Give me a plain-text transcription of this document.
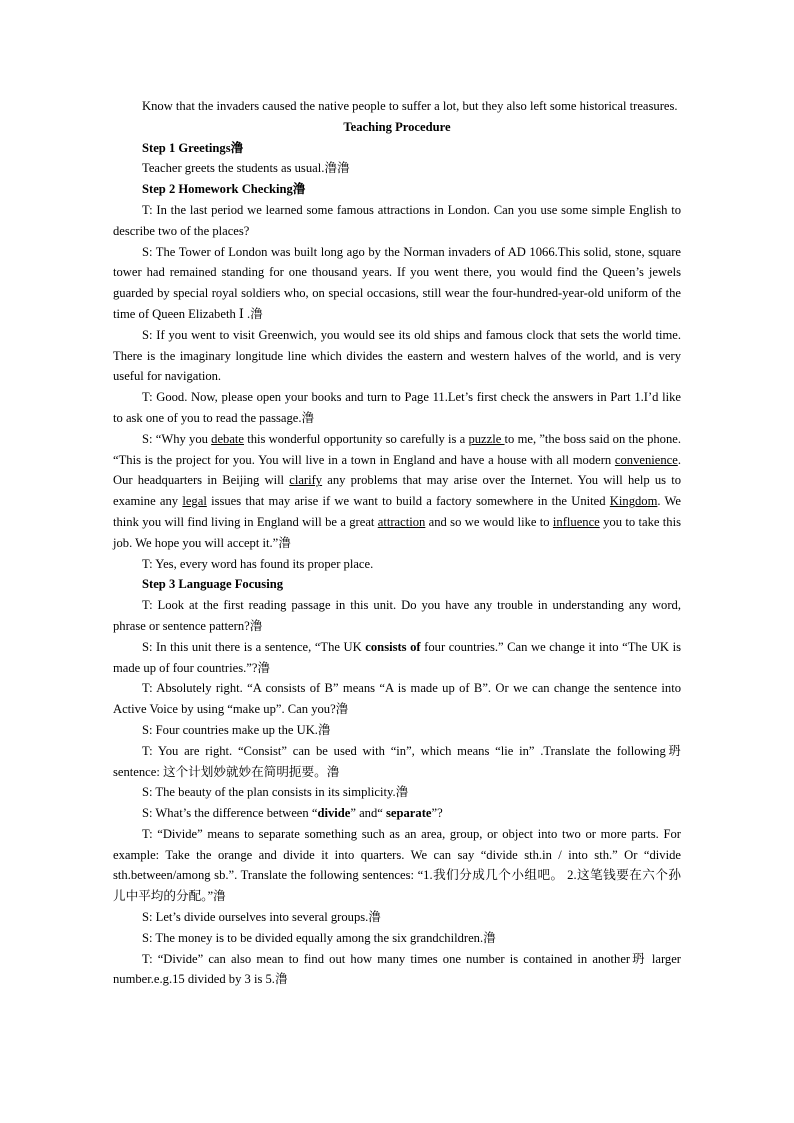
Know that the invaders caused the native people to suffer a lot, but they also left some historical treasures.

Teaching Procedure

Step 1 Greetings澛

Teacher greets the students as usual.澛澛

Step 2 Homework Checking澛

T: In the last period we learned some famous attractions in London. Can you use some simple English to describe two of the places?

S: The Tower of London was built long ago by the Norman invaders of AD 1066.This solid, stone, square tower had remained standing for one thousand years. If you went there, you would find the Queen’s jewels guarded by special royal soldiers who, on special occasions, still wear the four-hundred-year-old uniform of the time of Queen Elizabeth Ⅰ .澛

S: If you went to visit Greenwich, you would see its old ships and famous clock that sets the world time. There is the imaginary longitude line which divides the eastern and western halves of the world, and is very useful for navigation.

T: Good. Now, please open your books and turn to Page 11.Let’s first check the answers in Part 1.I’d like to ask one of you to read the passage.澛

S: “Why you debate this wonderful opportunity so carefully is a puzzle to me, ”the boss said on the phone. “This is the project for you. You will live in a town in England and have a house with all modern convenience. Our headquarters in Beijing will clarify any problems that may arise over the Internet. You will help us to examine any legal issues that may arise if we want to build a factory somewhere in the United Kingdom. We think you will find living in England will be a great attraction and so we would like to influence you to take this job. We hope you will accept it.”澛

T: Yes, every word has found its proper place.

Step 3 Language Focusing

T: Look at the first reading passage in this unit. Do you have any trouble in understanding any word, phrase or sentence pattern?澛

S: In this unit there is a sentence, “The UK consists of four countries.” Can we change it into “The UK is made up of four countries.”?澛

T: Absolutely right. “A consists of B” means “A is made up of B”. Or we can change the sentence into Active Voice by using “make up”. Can you?澛

S: Four countries make up the UK.澛

T: You are right. “Consist” can be used with “in”, which means “lie in” .Translate the following玬 sentence: 这个计划妙就妙在简明扼要。澛

S: The beauty of the plan consists in its simplicity.澛

S: What’s the difference between “divide” and“ separate”?

T: “Divide” means to separate something such as an area, group, or object into two or more parts. For example: Take the orange and divide it into quarters. We can say “divide sth.in / into sth.” Or “divide sth.between/among sb.”. Translate the following sentences: “1.我们分成几个小组吧。 2.这笔钱要在六个孙儿中平均的分配。”澛

S: Let’s divide ourselves into several groups.澛

S: The money is to be divided equally among the six grandchildren.澛

T: “Divide” can also mean to find out how many times one number is contained in another玬 larger number.e.g.15 divided by 3 is 5.澛
